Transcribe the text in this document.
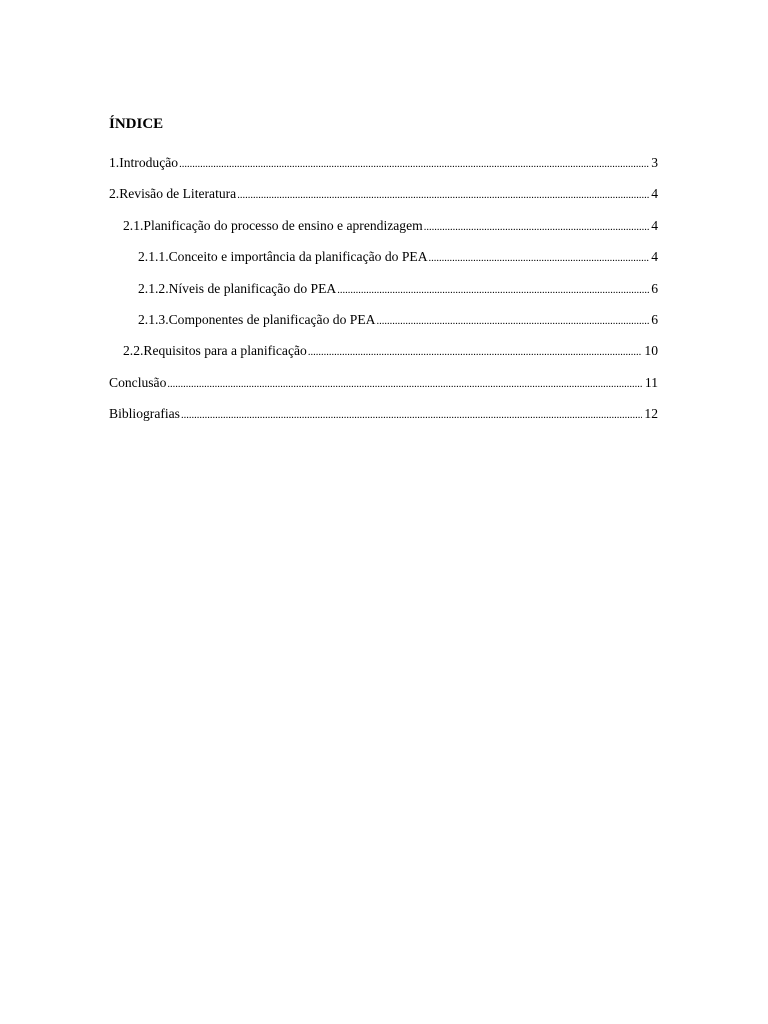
ÍNDICE
1.Introdução .....	3
2.Revisão de Literatura .....	4
2.1.Planificação do processo de ensino e aprendizagem .....	4
2.1.1.Conceito e importância da planificação do PEA .....	4
2.1.2.Níveis de planificação do PEA .....	6
2.1.3.Componentes de planificação do PEA .....	6
2.2.Requisitos para a planificação .....	10
Conclusão .....	11
Bibliografias .....	12
